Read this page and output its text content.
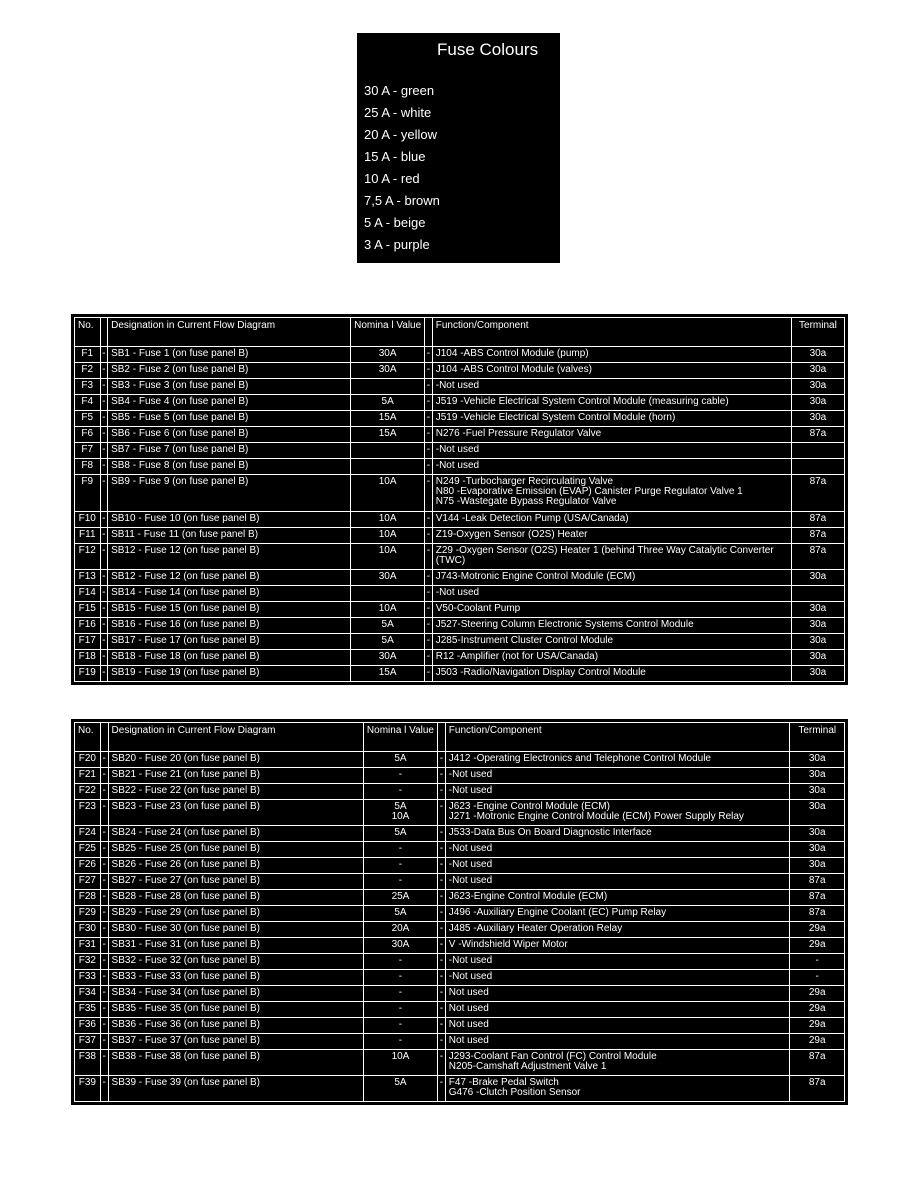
Fuse Colours
30 A - green
25 A - white
20 A - yellow
15 A - blue
10 A - red
7,5 A - brown
5 A - beige
3 A - purple
No.		Designation in Current Flow Diagram	Nomina l Value		Function/Component	Terminal

F1	-	SB1 - Fuse 1 (on fuse panel B)	30A	-	J104 -ABS Control Module (pump)	30a

F2	-	SB2 - Fuse 2 (on fuse panel B)	30A	-	J104 -ABS Control Module (valves)	30a

F3	-	SB3 - Fuse 3 (on fuse panel B)		-	-Not used	30a

F4	-	SB4 - Fuse 4 (on fuse panel B)	5A	-	J519 -Vehicle Electrical System Control Module (measuring cable)	30a

F5	-	SB5 - Fuse 5 (on fuse panel B)	15A	-	J519 -Vehicle Electrical System Control Module (horn)	30a

F6	-	SB6 - Fuse 6 (on fuse panel B)	15A	-	N276 -Fuel Pressure Regulator Valve	87a

F7	-	SB7 - Fuse 7 (on fuse panel B)		-	-Not used	

F8	-	SB8 - Fuse 8 (on fuse panel B)		-	-Not used	

F9	-	SB9 - Fuse 9 (on fuse panel B)	10A	-	N249 -Turbocharger Recirculating Valve
N80 -Evaporative Emission (EVAP) Canister Purge Regulator Valve 1
N75 -Wastegate Bypass Regulator Valve	87a

F10	-	SB10 - Fuse 10 (on fuse panel B)	10A	-	V144 -Leak Detection Pump (USA/Canada)	87a

F11	-	SB11 - Fuse 11 (on fuse panel B)	10A	-	Z19-Oxygen Sensor (O2S) Heater	87a

F12	-	SB12 - Fuse 12 (on fuse panel B)	10A	-	Z29 -Oxygen Sensor (O2S) Heater 1 (behind Three Way Catalytic Converter
(TWC)	87a

F13	-	SB12 - Fuse 12 (on fuse panel B)	30A	-	J743-Motronic Engine Control Module (ECM)	30a

F14	-	SB14 - Fuse 14 (on fuse panel B)		-	-Not used	

F15	-	SB15 - Fuse 15 (on fuse panel B)	10A	-	V50-Coolant Pump	30a

F16	-	SB16 - Fuse 16 (on fuse panel B)	5A	-	J527-Steering Column Electronic Systems Control Module	30a

F17	-	SB17 - Fuse 17 (on fuse panel B)	5A	-	J285-Instrument Cluster Control Module	30a

F18	-	SB18 - Fuse 18 (on fuse panel B)	30A	-	R12 -Amplifier (not for USA/Canada)	30a

F19	-	SB19 - Fuse 19 (on fuse panel B)	15A	-	J503 -Radio/Navigation Display Control Module	30a
No.		Designation in Current Flow Diagram	Nomina l Value		Function/Component	Terminal

F20	-	SB20 - Fuse 20 (on fuse panel B)	5A	-	J412 -Operating Electronics and Telephone Control Module	30a

F21	-	SB21 - Fuse 21 (on fuse panel B)	-	-	-Not used	30a

F22	-	SB22 - Fuse 22 (on fuse panel B)	-	-	-Not used	30a

F23	-	SB23 - Fuse 23 (on fuse panel B)	5A
10A	-	J623 -Engine Control Module (ECM)
J271 -Motronic Engine Control Module (ECM) Power Supply Relay	30a

F24	-	SB24 - Fuse 24 (on fuse panel B)	5A	-	J533-Data Bus On Board Diagnostic Interface	30a

F25	-	SB25 - Fuse 25 (on fuse panel B)	-	-	-Not used	30a

F26	-	SB26 - Fuse 26 (on fuse panel B)	-	-	-Not used	30a

F27	-	SB27 - Fuse 27 (on fuse panel B)	-	-	-Not used	87a

F28	-	SB28 - Fuse 28 (on fuse panel B)	25A	-	J623-Engine Control Module (ECM)	87a

F29	-	SB29 - Fuse 29 (on fuse panel B)	5A	-	J496 -Auxiliary Engine Coolant (EC) Pump Relay	87a

F30	-	SB30 - Fuse 30 (on fuse panel B)	20A	-	J485 -Auxiliary Heater Operation Relay	29a

F31	-	SB31 - Fuse 31 (on fuse panel B)	30A	-	V -Windshield Wiper Motor	29a

F32	-	SB32 - Fuse 32 (on fuse panel B)	-	-	-Not used	-

F33	-	SB33 - Fuse 33 (on fuse panel B)	-	-	-Not used	-

F34	-	SB34 - Fuse 34 (on fuse panel B)	-	-	Not used	29a

F35	-	SB35 - Fuse 35 (on fuse panel B)	-	-	Not used	29a

F36	-	SB36 - Fuse 36 (on fuse panel B)	-	-	Not used	29a

F37	-	SB37 - Fuse 37 (on fuse panel B)	-	-	Not used	29a

F38	-	SB38 - Fuse 38 (on fuse panel B)	10A	-	J293-Coolant Fan Control (FC) Control Module
N205-Camshaft Adjustment Valve 1	87a

F39	-	SB39 - Fuse 39 (on fuse panel B)	5A	-	F47 -Brake Pedal Switch
G476 -Clutch Position Sensor	87a
